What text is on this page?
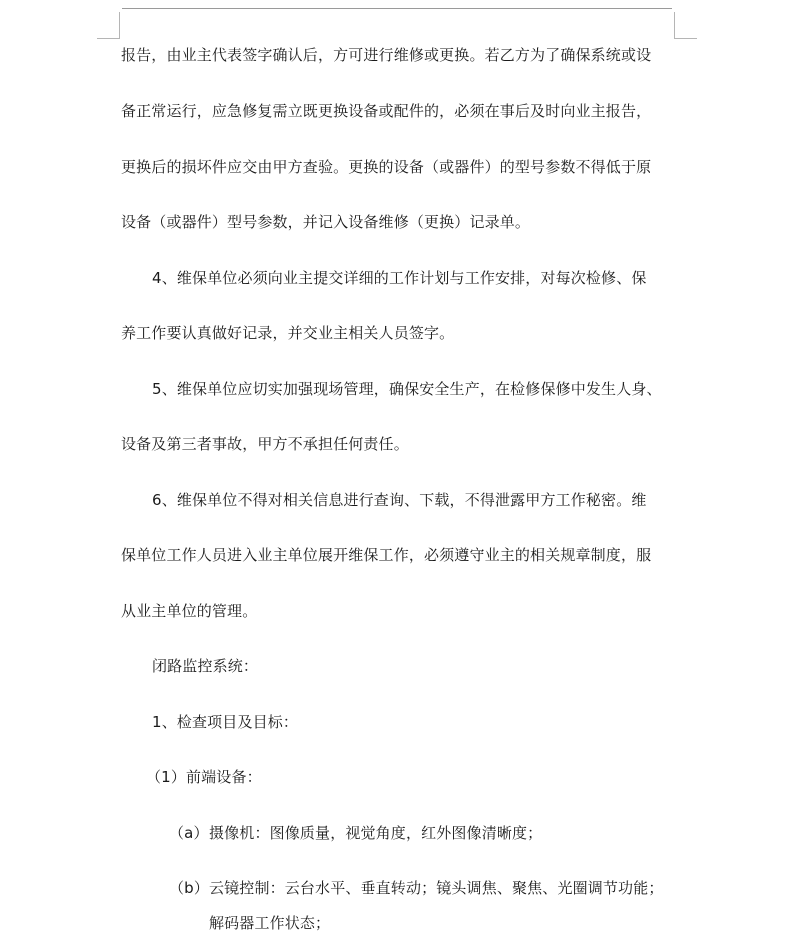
报告，由业主代表签字确认后，方可进行维修或更换。若乙方为了确保系统或设
备正常运行，应急修复需立既更换设备或配件的，必须在事后及时向业主报告，
更换后的损坏件应交由甲方查验。更换的设备（或器件）的型号参数不得低于原
设备（或器件）型号参数，并记入设备维修（更换）记录单。
4、维保单位必须向业主提交详细的工作计划与工作安排，对每次检修、保
养工作要认真做好记录，并交业主相关人员签字。
5、维保单位应切实加强现场管理，确保安全生产，在检修保修中发生人身、
设备及第三者事故，甲方不承担任何责任。
6、维保单位不得对相关信息进行查询、下载，不得泄露甲方工作秘密。维
保单位工作人员进入业主单位展开维保工作，必须遵守业主的相关规章制度，服
从业主单位的管理。
闭路监控系统：
1、检查项目及目标：
（1）前端设备：
（a） 摄像机：图像质量，视觉角度，红外图像清晰度；
（b） 云镜控制：云台水平、垂直转动；镜头调焦、聚焦、光圈调节功能；
解码器工作状态；
